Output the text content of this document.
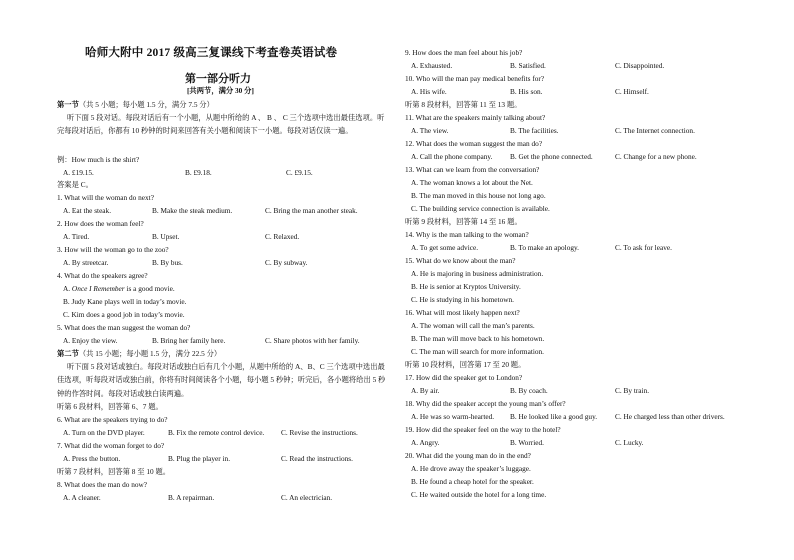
哈师大附中 2017 级高三复课线下考查卷英语试卷
第一部分听力
[共两节，满分 30 分]
第一节（共 5 小题；每小题 1.5 分，满分 7.5 分）
听下面 5 段对话。每段对话后有一个小题，从题中所给的 A 、 B 、 C 三个选项中选出最佳选项。听完每段对话后，你都有 10 秒钟的时间来回答有关小题和阅读下一小题。每段对话仅读一遍。
例：How much is the shirt?
A. £19.15.	B. £9.18.	C. £9.15.
答案是 C。
1. What will the woman do next?
A. Eat the steak.	B. Make the steak medium.	C. Bring the man another steak.
2. How does the woman feel?
A. Tired.	B. Upset.	C. Relaxed.
3. How will the woman go to the zoo?
A. By streetcar.	B. By bus.	C. By subway.
4. What do the speakers agree?
A. Once I Remember is a good movie.
B. Judy Kane plays well in today’s movie.
C. Kim does a good job in today’s movie.
5. What does the man suggest the woman do?
A. Enjoy the view.	B. Bring her family here.	C. Share photos with her family.
第二节（共 15 小题；每小题 1.5 分，满分 22.5 分）
听下面 5 段对话或独白。每段对话或独白后有几个小题，从题中所给的 A、B、C 三个选项中选出最佳选项，听每段对话或独白前，你将有时间阅读各个小题，每小题 5 秒钟；听完后，各小题将给出 5 秒钟的作答时间。每段对话或独白读两遍。
听第 6 段材料，回答第 6、7 题。
6. What are the speakers trying to do?
A. Turn on the DVD player.	B. Fix the remote control device. C. Revise the instructions.
7. What did the woman forget to do?
A. Press the button.	B. Plug the player in.	C. Read the instructions.
听第 7 段材料，回答第 8 至 10 题。
8. What does the man do now?
A. A cleaner.	B. A repairman.	C. An electrician.
9. How does the man feel about his job?
A. Exhausted.	B. Satisfied.	C. Disappointed.
10. Who will the man pay medical benefits for?
A. His wife.	B. His son.	C. Himself.
听第 8 段材料，回答第 11 至 13 题。
11. What are the speakers mainly talking about?
A. The view.	B. The facilities.	C. The Internet connection.
12. What does the woman suggest the man do?
A. Call the phone company. B. Get the phone connected.	C. Change for a new phone.
13. What can we learn from the conversation?
A. The woman knows a lot about the Net.
B. The man moved in this house not long ago.
C. The building service connection is available.
听第 9 段材料，回答第 14 至 16 题。
14. Why is the man talking to the woman?
A. To get some advice.	B. To make an apology.	C. To ask for leave.
15. What do we know about the man?
A. He is majoring in business administration.
B. He is senior at Kryptos University.
C. He is studying in his hometown.
16. What will most likely happen next?
A. The woman will call the man’s parents.
B. The man will move back to his hometown.
C. The man will search for more information.
听第 10 段材料，回答第 17 至 20 题。
17. How did the speaker get to London?
A. By air.	B. By coach.	C. By train.
18. Why did the speaker accept the young man’s offer?
A. He was so warm-hearted. B. He looked like a good guy. C. He charged less than other drivers.
19. How did the speaker feel on the way to the hotel?
A. Angry.	B. Worried.	C. Lucky.
20. What did the young man do in the end?
A. He drove away the speaker’s luggage.
B. He found a cheap hotel for the speaker.
C. He waited outside the hotel for a long time.
